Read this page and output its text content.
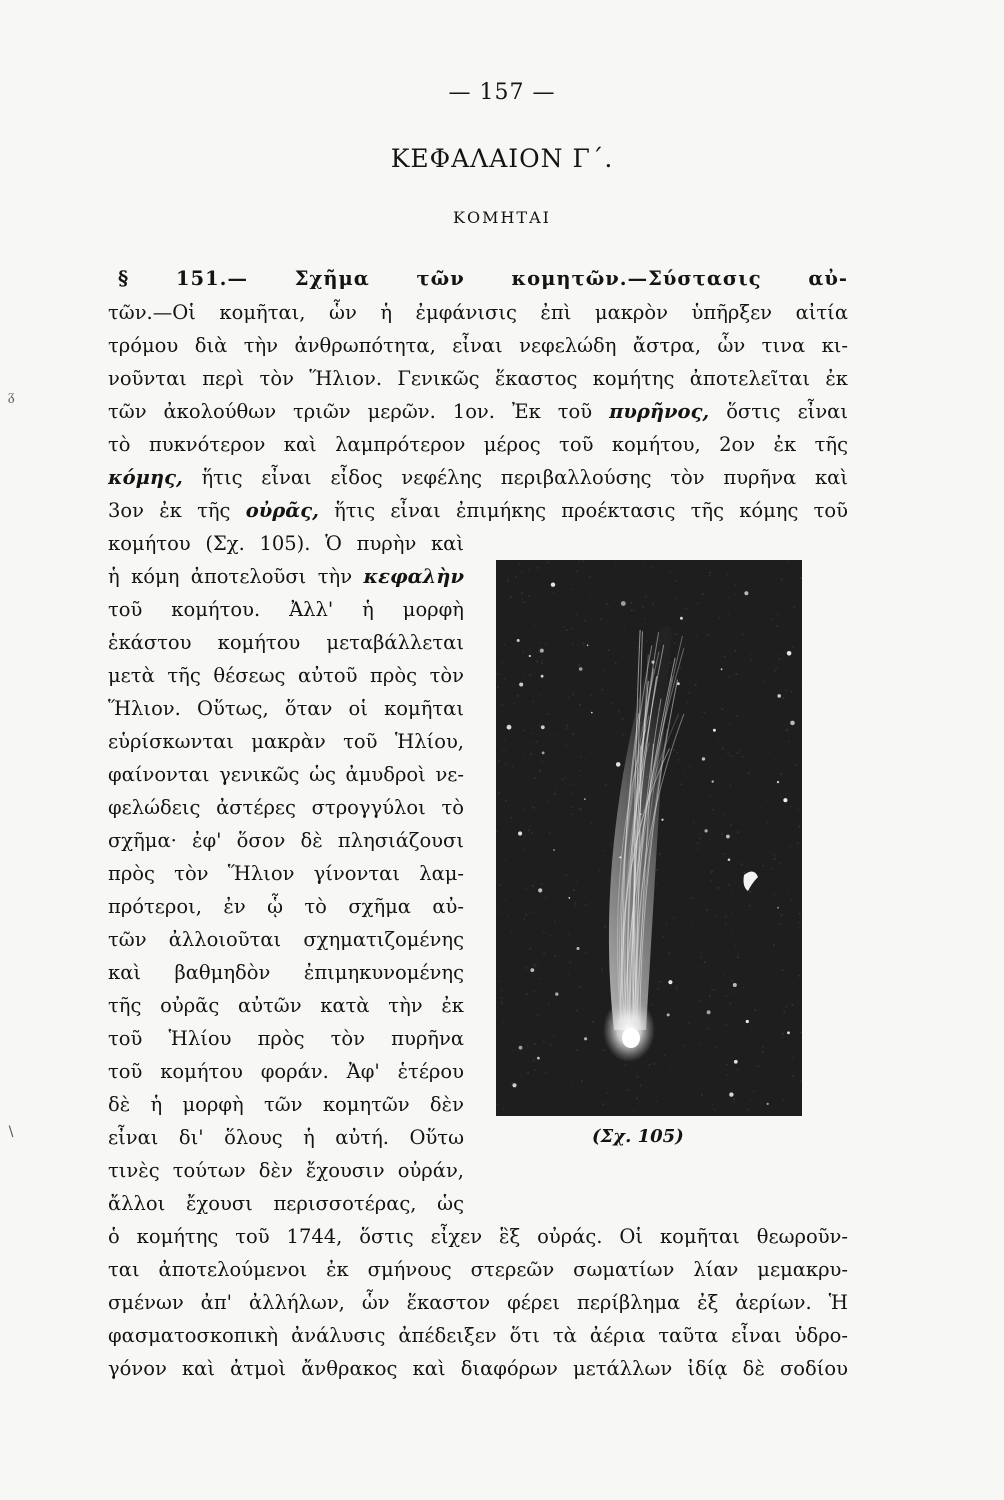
— 157 —
ΚΕΦΑΛΑΙΟΝ Γ΄.
ΚΟΜΗΤΑΙ
§ 151.— Σχῆμα τῶν κομητῶν.—Σύστασις αὐ-
τῶν.—Οἱ κομῆται, ὧν ἡ ἐμφάνισις ἐπὶ μακρὸν ὑπῆρξεν αἰτία
τρόμου διὰ τὴν ἀνθρωπότητα, εἶναι νεφελώδη ἄστρα, ὧν τινα κι-
νοῦνται περὶ τὸν Ἥλιον. Γενικῶς ἕκαστος κομήτης ἀποτελεῖται ἐκ
τῶν ἀκολούθων τριῶν μερῶν. 1ον. Ἐκ τοῦ πυρῆνος, ὅστις εἶναι
τὸ πυκνότερον καὶ λαμπρότερον μέρος τοῦ κομήτου, 2ον ἐκ τῆς
κόμης, ἥτις εἶναι εἶδος νεφέλης περιβαλλούσης τὸν πυρῆνα καὶ
3ον ἐκ τῆς οὐρᾶς, ἥτις εἶναι ἐπιμήκης προέκτασις τῆς κόμης τοῦ
κομήτου (Σχ. 105). Ὁ πυρὴν καὶ
ἡ κόμη ἀποτελοῦσι τὴν κεφαλὴν
τοῦ κομήτου. Ἀλλ' ἡ μορφὴ
ἑκάστου κομήτου μεταβάλλεται
μετὰ τῆς θέσεως αὐτοῦ πρὸς τὸν
Ἥλιον. Οὕτως, ὅταν οἱ κομῆται
εὑρίσκωνται μακρὰν τοῦ Ἡλίου,
φαίνονται γενικῶς ὡς ἀμυδροὶ νε-
φελώδεις ἀστέρες στρογγύλοι τὸ
σχῆμα· ἐφ' ὅσον δὲ πλησιάζουσι
πρὸς τὸν Ἥλιον γίνονται λαμ-
πρότεροι, ἐν ᾧ τὸ σχῆμα αὐ-
τῶν ἀλλοιοῦται σχηματιζομένης
καὶ βαθμηδὸν ἐπιμηκυνομένης
τῆς οὐρᾶς αὐτῶν κατὰ τὴν ἐκ
τοῦ Ἡλίου πρὸς τὸν πυρῆνα
τοῦ κομήτου φοράν. Ἀφ' ἑτέρου
δὲ ἡ μορφὴ τῶν κομητῶν δὲν
εἶναι δι' ὅλους ἡ αὐτή. Οὕτω
τινὲς τούτων δὲν ἔχουσιν οὐράν,
ἄλλοι ἔχουσι περισσοτέρας, ὡς
ὁ κομήτης τοῦ 1744, ὅστις εἶχεν ἓξ οὐράς. Οἱ κομῆται θεωροῦν-
ται ἀποτελούμενοι ἐκ σμήνους στερεῶν σωματίων λίαν μεμακρυ-
σμένων ἀπ' ἀλλήλων, ὧν ἕκαστον φέρει περίβλημα ἐξ ἀερίων. Ἡ
φασματοσκοπικὴ ἀνάλυσις ἀπέδειξεν ὅτι τὰ ἀέρια ταῦτα εἶναι ὑδρο-
γόνον καὶ ἀτμοὶ ἄνθρακος καὶ διαφόρων μετάλλων ἰδίᾳ δὲ σοδίου
(Σχ. 105)
ᵹ
∖
